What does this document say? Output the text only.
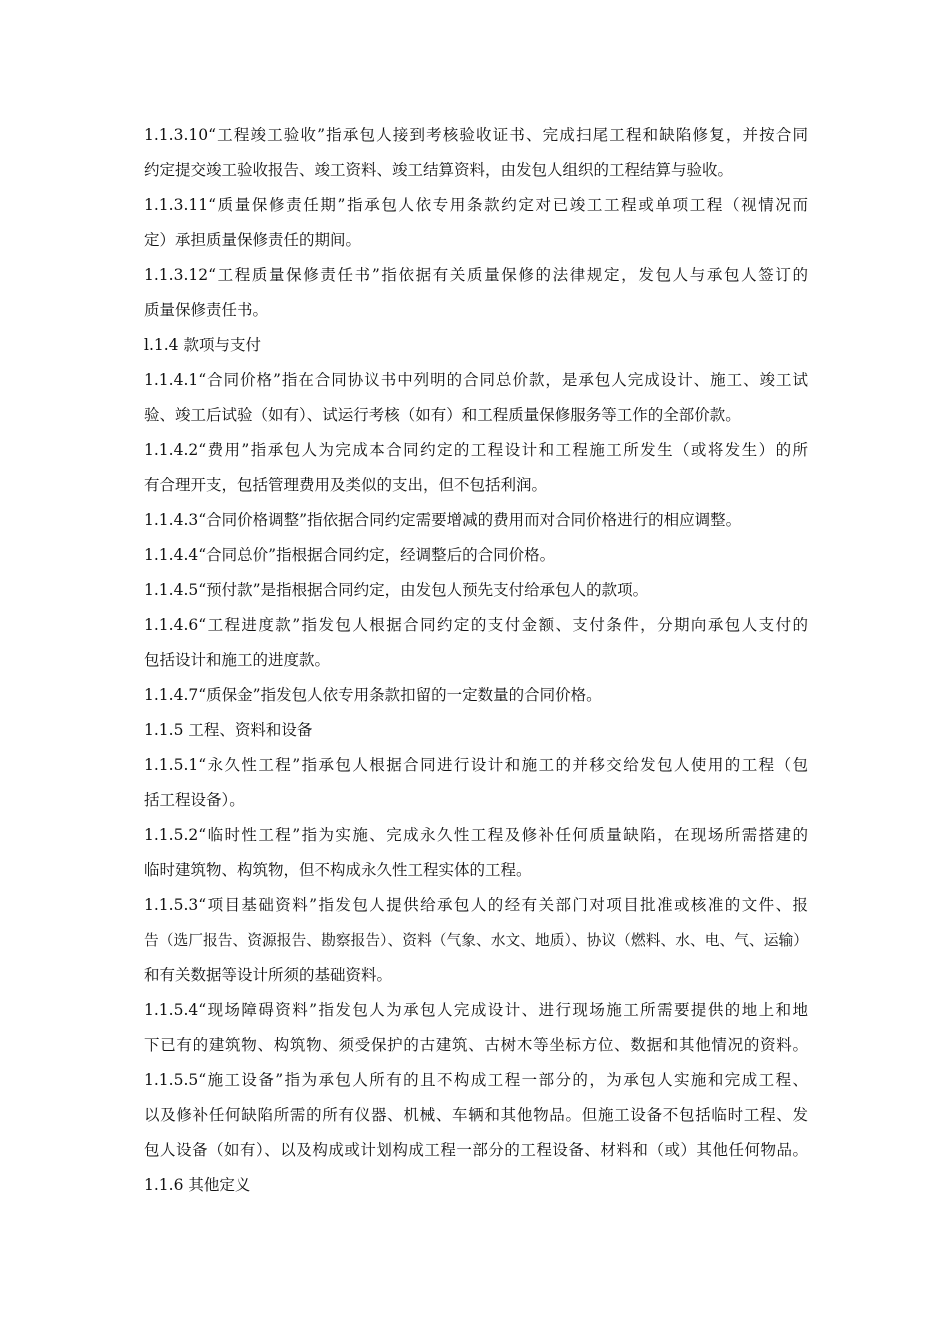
1.1.3.10“工程竣工验收”指承包人接到考核验收证书、完成扫尾工程和缺陷修复，并按合同
约定提交竣工验收报告、竣工资料、竣工结算资料，由发包人组织的工程结算与验收。
1.1.3.11“质量保修责任期”指承包人依专用条款约定对已竣工工程或单项工程（视情况而
定）承担质量保修责任的期间。
1.1.3.12“工程质量保修责任书”指依据有关质量保修的法律规定，发包人与承包人签订的
质量保修责任书。
l.1.4 款项与支付
1.1.4.1“合同价格”指在合同协议书中列明的合同总价款，是承包人完成设计、施工、竣工试
验、竣工后试验（如有）、试运行考核（如有）和工程质量保修服务等工作的全部价款。
1.1.4.2“费用”指承包人为完成本合同约定的工程设计和工程施工所发生（或将发生）的所
有合理开支，包括管理费用及类似的支出，但不包括利润。
1.1.4.3“合同价格调整”指依据合同约定需要增减的费用而对合同价格进行的相应调整。
1.1.4.4“合同总价”指根据合同约定，经调整后的合同价格。
1.1.4.5“预付款”是指根据合同约定，由发包人预先支付给承包人的款项。
1.1.4.6“工程进度款”指发包人根据合同约定的支付金额、支付条件，分期向承包人支付的
包括设计和施工的进度款。
1.1.4.7“质保金”指发包人依专用条款扣留的一定数量的合同价格。
1.1.5 工程、资料和设备
1.1.5.1“永久性工程”指承包人根据合同进行设计和施工的并移交给发包人使用的工程（包
括工程设备）。
1.1.5.2“临时性工程”指为实施、完成永久性工程及修补任何质量缺陷，在现场所需搭建的
临时建筑物、构筑物，但不构成永久性工程实体的工程。
1.1.5.3“项目基础资料”指发包人提供给承包人的经有关部门对项目批准或核准的文件、报
告（选厂报告、资源报告、勘察报告）、资料（气象、水文、地质）、协议（燃料、水、电、气、运输）
和有关数据等设计所须的基础资料。
1.1.5.4“现场障碍资料”指发包人为承包人完成设计、进行现场施工所需要提供的地上和地
下已有的建筑物、构筑物、须受保护的古建筑、古树木等坐标方位、数据和其他情况的资料。
1.1.5.5“施工设备”指为承包人所有的且不构成工程一部分的，为承包人实施和完成工程、
以及修补任何缺陷所需的所有仪器、机械、车辆和其他物品。但施工设备不包括临时工程、发
包人设备（如有）、以及构成或计划构成工程一部分的工程设备、材料和（或）其他任何物品。
1.1.6 其他定义
